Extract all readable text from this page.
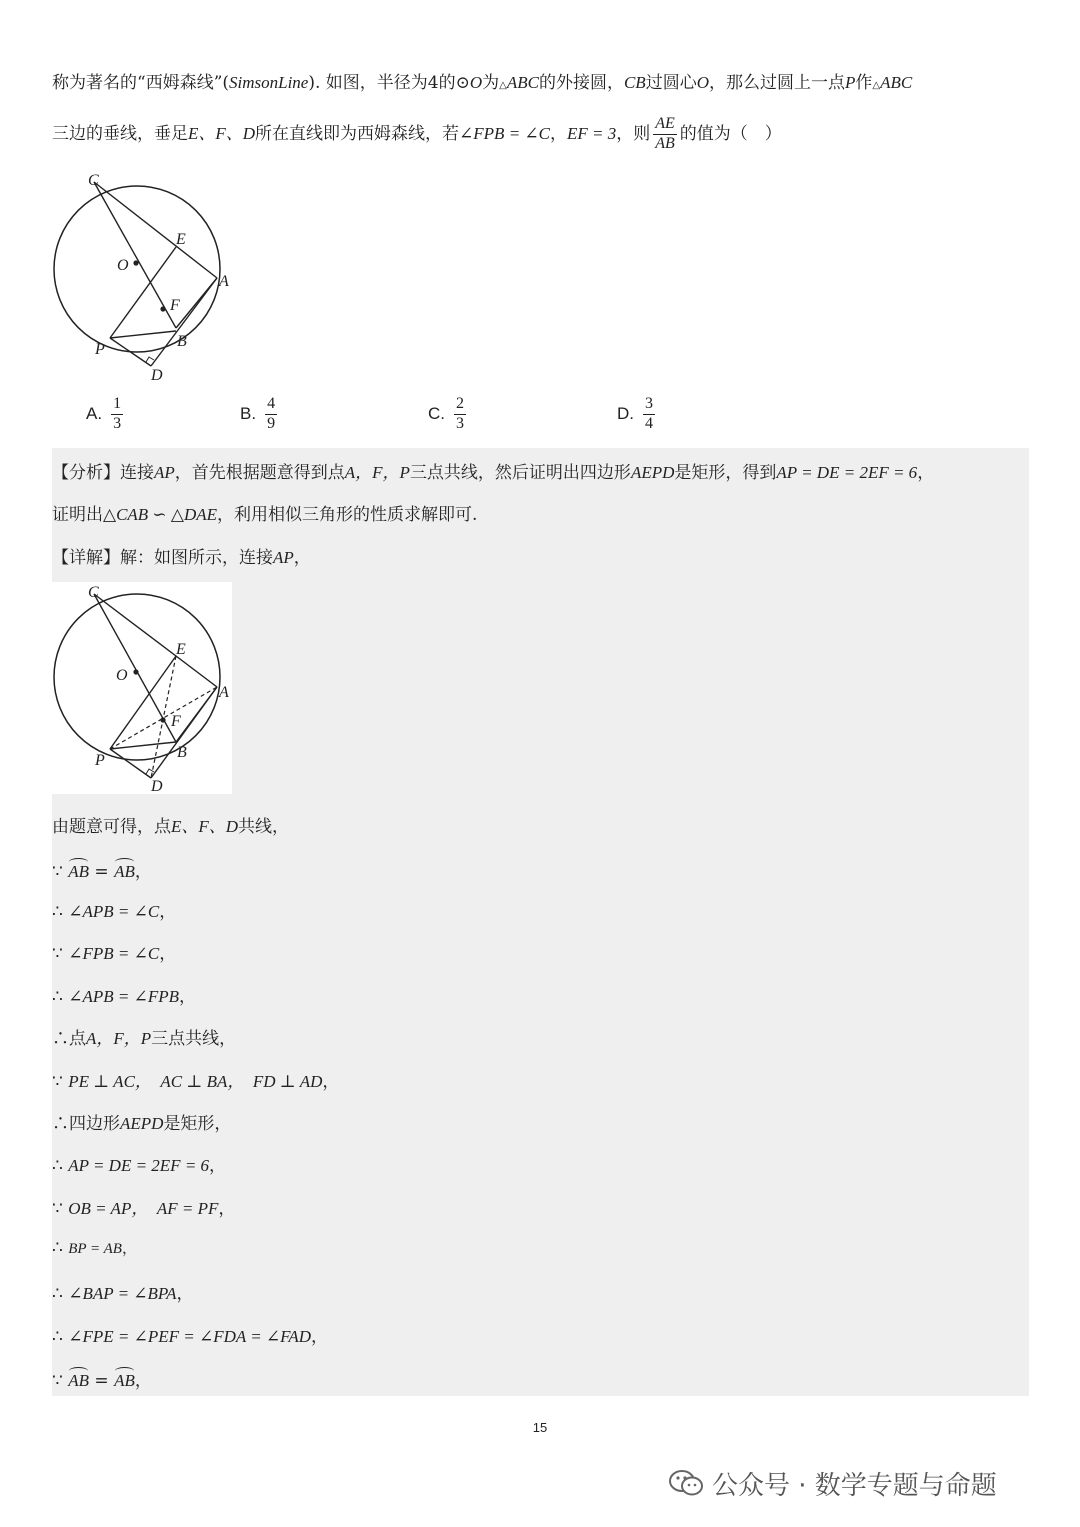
称为著名的“西姆森线”(SimsonLine). 如图，半径为4的⊙O为△ABC的外接圆，CB过圆心O，那么过圆上一点P作△ABC
三边的垂线，垂足E、F、D所在直线即为西姆森线，若∠FPB = ∠C，EF = 3，则 $\frac{AE}{AB}$ 的值为（　）
C
E
O
A
F
P	B
D
A. $\frac{1}{3}$	B. $\frac{4}{9}$	C. $\frac{2}{3}$	D. $\frac{3}{4}$
【分析】连接AP，首先根据题意得到点A，F，P三点共线，然后证明出四边形AEPD是矩形，得到AP = DE = 2EF = 6，
证明出△CAB ∽ △DAE，利用相似三角形的性质求解即可.
【详解】解：如图所示，连接AP，
C
E
O
A
F
P	B
D
由题意可得，点E、F、D共线，
∵ AB = AB，
∴ ∠APB = ∠C，
∵ ∠FPB = ∠C，
∴ ∠APB = ∠FPB，
∴点A，F，P三点共线，
∵ PE ⊥ AC，　AC ⊥ BA，　FD ⊥ AD，
∴四边形AEPD是矩形，
∴ AP = DE = 2EF = 6，
∵ OB = AP，　AF = PF，
∴ BP = AB，
∴ ∠BAP = ∠BPA，
∴ ∠FPE = ∠PEF = ∠FDA = ∠FAD，
∵ AB = AB，
15
公众号 · 数学专题与命题
